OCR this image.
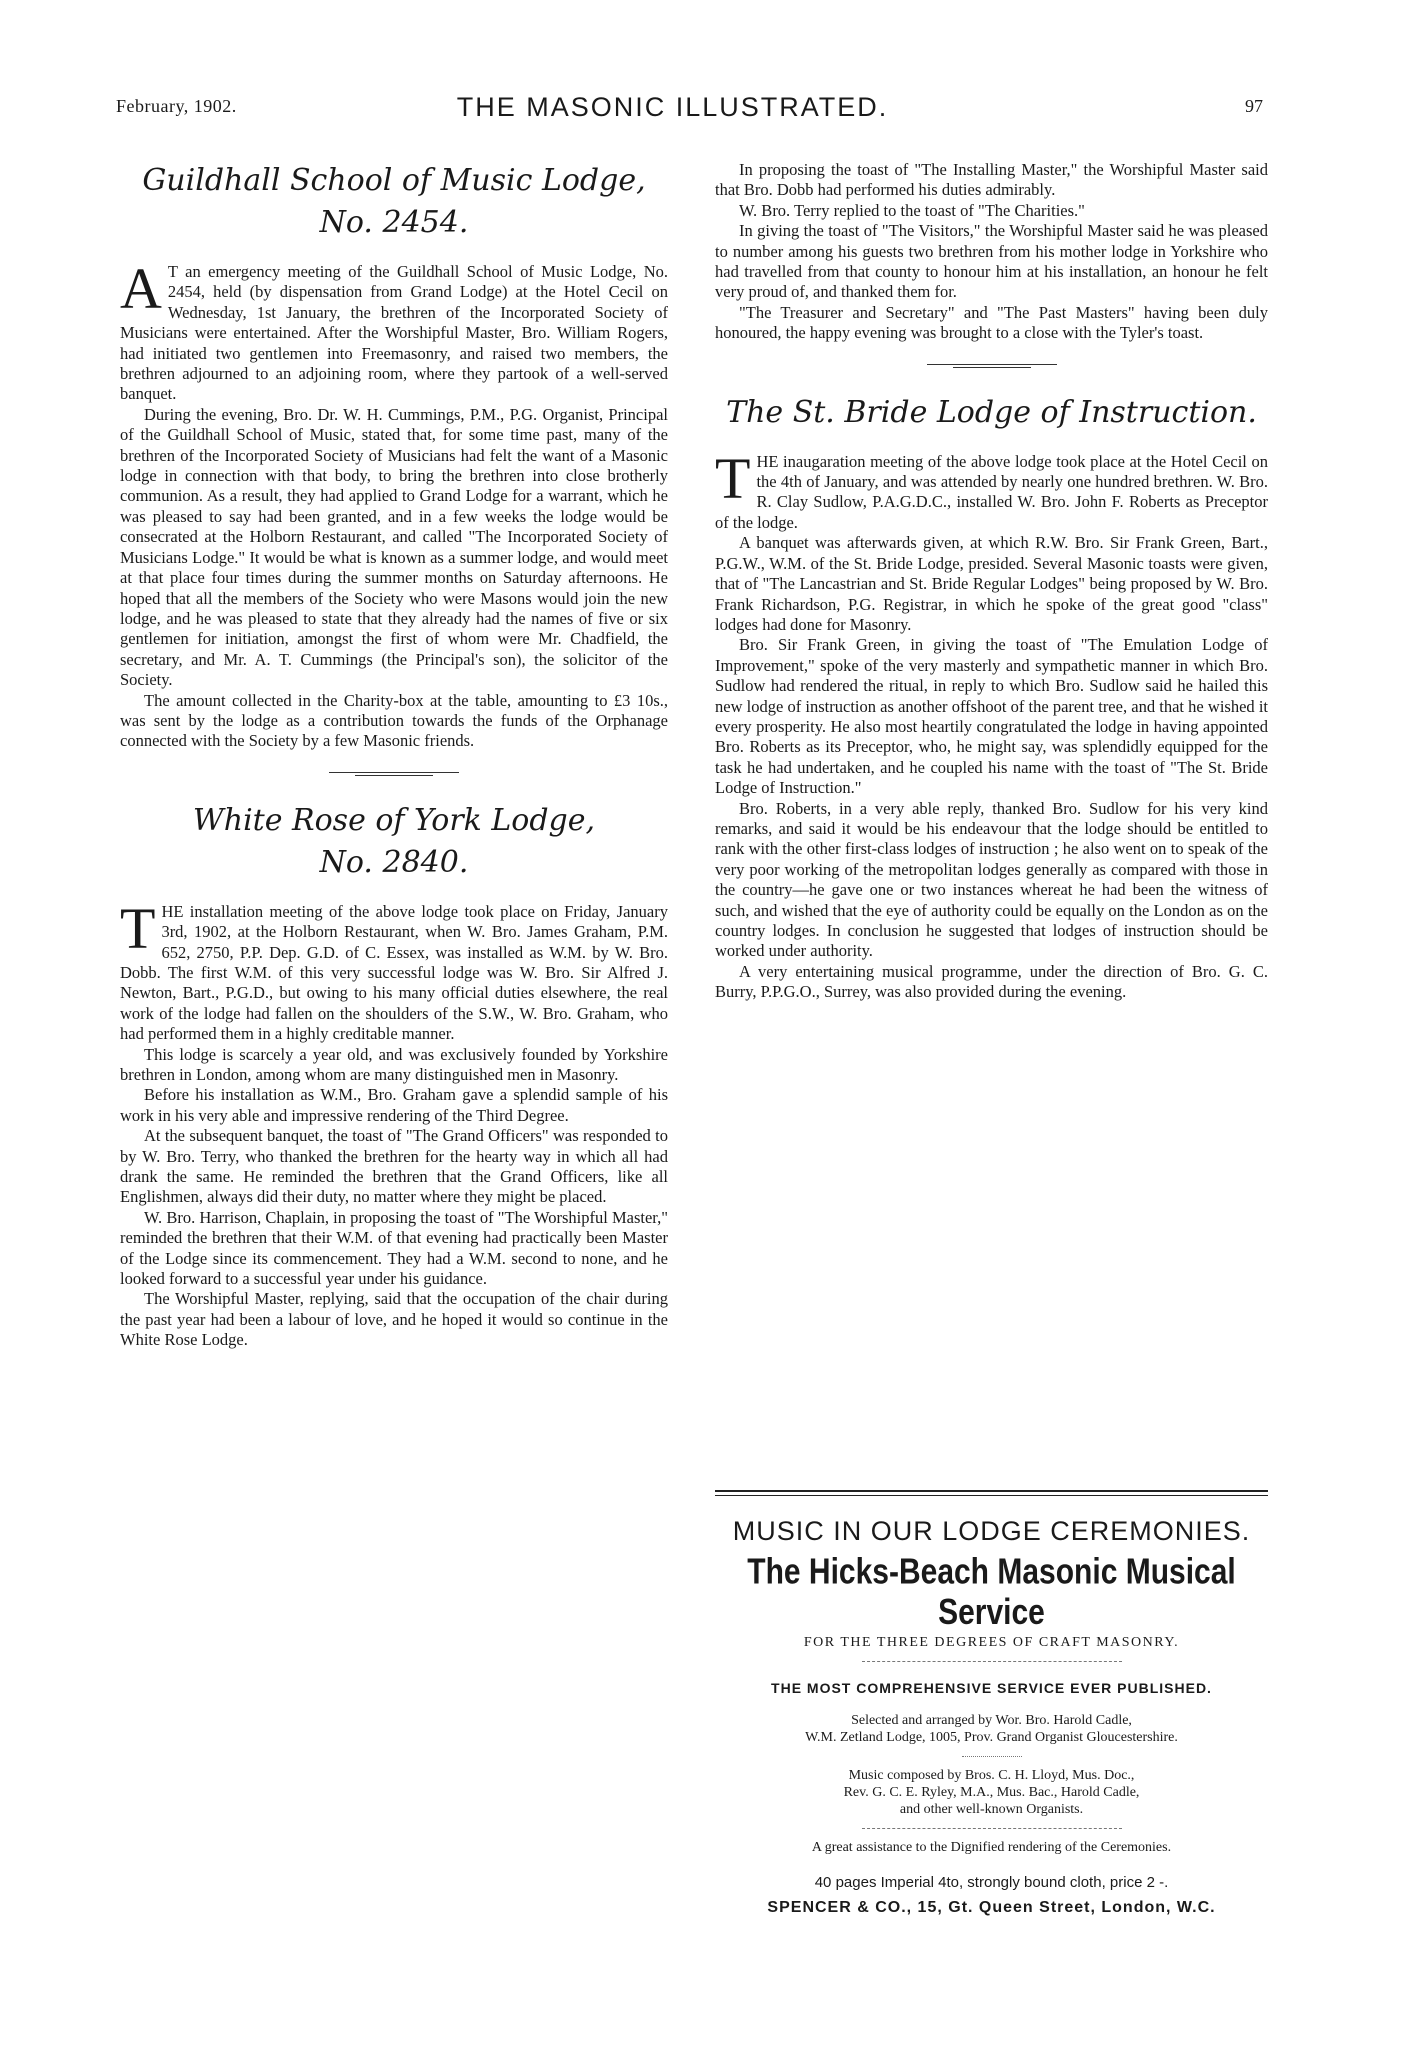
February, 1902.	THE MASONIC ILLUSTRATED.	97
Guildhall School of Music Lodge,
No. 2454.

A T an emergency meeting of the Guildhall School of Music Lodge, No. 2454, held (by dispensation from Grand Lodge) at the Hotel Cecil on Wednesday, 1st January, the brethren of the Incorporated Society of Musicians were entertained. After the Worshipful Master, Bro. William Rogers, had initiated two gentlemen into Freemasonry, and raised two members, the brethren adjourned to an adjoining room, where they partook of a well-served banquet.

During the evening, Bro. Dr. W. H. Cummings, P.M., P.G. Organist, Principal of the Guildhall School of Music, stated that, for some time past, many of the brethren of the Incorporated Society of Musicians had felt the want of a Masonic lodge in connection with that body, to bring the brethren into close brotherly communion. As a result, they had applied to Grand Lodge for a warrant, which he was pleased to say had been granted, and in a few weeks the lodge would be consecrated at the Holborn Restaurant, and called "The Incorporated Society of Musicians Lodge." It would be what is known as a summer lodge, and would meet at that place four times during the summer months on Saturday afternoons. He hoped that all the members of the Society who were Masons would join the new lodge, and he was pleased to state that they already had the names of five or six gentlemen for initiation, amongst the first of whom were Mr. Chadfield, the secretary, and Mr. A. T. Cummings (the Principal's son), the solicitor of the Society.

The amount collected in the Charity-box at the table, amounting to £3 10s., was sent by the lodge as a contribution towards the funds of the Orphanage connected with the Society by a few Masonic friends.

White Rose of York Lodge,
No. 2840.

THE installation meeting of the above lodge took place on Friday, January 3rd, 1902, at the Holborn Restaurant, when W. Bro. James Graham, P.M. 652, 2750, P.P. Dep. G.D. of C. Essex, was installed as W.M. by W. Bro. Dobb. The first W.M. of this very successful lodge was W. Bro. Sir Alfred J. Newton, Bart., P.G.D., but owing to his many official duties elsewhere, the real work of the lodge had fallen on the shoulders of the S.W., W. Bro. Graham, who had performed them in a highly creditable manner.

This lodge is scarcely a year old, and was exclusively founded by Yorkshire brethren in London, among whom are many distinguished men in Masonry.

Before his installation as W.M., Bro. Graham gave a splendid sample of his work in his very able and impressive rendering of the Third Degree.

At the subsequent banquet, the toast of "The Grand Officers" was responded to by W. Bro. Terry, who thanked the brethren for the hearty way in which all had drank the same. He reminded the brethren that the Grand Officers, like all Englishmen, always did their duty, no matter where they might be placed.

W. Bro. Harrison, Chaplain, in proposing the toast of "The Worshipful Master," reminded the brethren that their W.M. of that evening had practically been Master of the Lodge since its commencement. They had a W.M. second to none, and he looked forward to a successful year under his guidance.

The Worshipful Master, replying, said that the occupation of the chair during the past year had been a labour of love, and he hoped it would so continue in the White Rose Lodge.

In proposing the toast of "The Installing Master," the Worshipful Master said that Bro. Dobb had performed his duties admirably.

W. Bro. Terry replied to the toast of "The Charities."

In giving the toast of "The Visitors," the Worshipful Master said he was pleased to number among his guests two brethren from his mother lodge in Yorkshire who had travelled from that county to honour him at his installation, an honour he felt very proud of, and thanked them for.

"The Treasurer and Secretary" and "The Past Masters" having been duly honoured, the happy evening was brought to a close with the Tyler's toast.

The St. Bride Lodge of Instruction.

THE inaugaration meeting of the above lodge took place at the Hotel Cecil on the 4th of January, and was attended by nearly one hundred brethren. W. Bro. R. Clay Sudlow, P.A.G.D.C., installed W. Bro. John F. Roberts as Preceptor of the lodge.

A banquet was afterwards given, at which R.W. Bro. Sir Frank Green, Bart., P.G.W., W.M. of the St. Bride Lodge, presided. Several Masonic toasts were given, that of "The Lancastrian and St. Bride Regular Lodges" being proposed by W. Bro. Frank Richardson, P.G. Registrar, in which he spoke of the great good "class" lodges had done for Masonry.

Bro. Sir Frank Green, in giving the toast of "The Emulation Lodge of Improvement," spoke of the very masterly and sympathetic manner in which Bro. Sudlow had rendered the ritual, in reply to which Bro. Sudlow said he hailed this new lodge of instruction as another offshoot of the parent tree, and that he wished it every prosperity. He also most heartily congratulated the lodge in having appointed Bro. Roberts as its Preceptor, who, he might say, was splendidly equipped for the task he had undertaken, and he coupled his name with the toast of "The St. Bride Lodge of Instruction."

Bro. Roberts, in a very able reply, thanked Bro. Sudlow for his very kind remarks, and said it would be his endeavour that the lodge should be entitled to rank with the other first-class lodges of instruction ; he also went on to speak of the very poor working of the metropolitan lodges generally as compared with those in the country—he gave one or two instances whereat he had been the witness of such, and wished that the eye of authority could be equally on the London as on the country lodges. In conclusion he suggested that lodges of instruction should be worked under authority.

A very entertaining musical programme, under the direction of Bro. G. C. Burry, P.P.G.O., Surrey, was also provided during the evening.

MUSIC IN OUR LODGE CEREMONIES.
The Hicks-Beach Masonic Musical Service
FOR THE THREE DEGREES OF CRAFT MASONRY.
THE MOST COMPREHENSIVE SERVICE EVER PUBLISHED.
Selected and arranged by Wor. Bro. Harold Cadle,
W.M. Zetland Lodge, 1005, Prov. Grand Organist Gloucestershire.
Music composed by Bros. C. H. Lloyd, Mus. Doc.,
Rev. G. C. E. Ryley, M.A., Mus. Bac., Harold Cadle,
and other well-known Organists.
A great assistance to the Dignified rendering of the Ceremonies.
40 pages Imperial 4to, strongly bound cloth, price 2 -.
SPENCER & CO., 15, Gt. Queen Street, London, W.C.
